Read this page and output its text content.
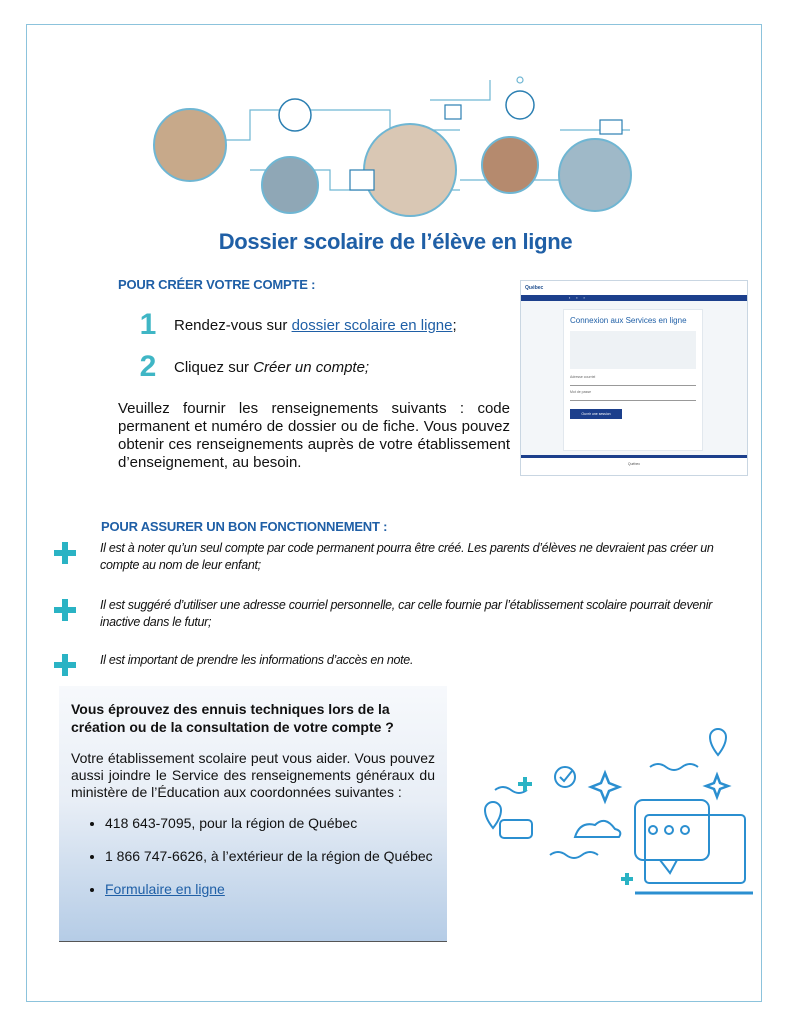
Dossier scolaire de l’élève en ligne
POUR CRÉER VOTRE COMPTE :
1	Rendez-vous sur dossier scolaire en ligne;
2	Cliquez sur Créer un compte;
Veuillez fournir les renseignements suivants : code permanent et numéro de dossier ou de fiche. Vous pouvez obtenir ces renseignements auprès de votre établissement d’enseignement, au besoin.
Québec
▪ ▪ ▪
Connexion aux Services en ligne
Adresse courriel
Mot de passe
Ouvrir une session
Québec
POUR ASSURER UN BON FONCTIONNEMENT :
Il est à noter qu’un seul compte par code permanent pourra être créé. Les parents d’élèves ne devraient pas créer un compte au nom de leur enfant;
Il est suggéré d’utiliser une adresse courriel personnelle, car celle fournie par l’établissement scolaire pourrait devenir inactive dans le futur;
Il est important de prendre les informations d’accès en note.
Vous éprouvez des ennuis techniques lors de la création ou de la consultation de votre compte ?
Votre établissement scolaire peut vous aider. Vous pouvez aussi joindre le Service des renseignements généraux du ministère de l’Éducation aux coordonnées suivantes :
• 418 643-7095, pour la région de Québec
• 1 866 747-6626, à l’extérieur de la région de Québec
• Formulaire en ligne
